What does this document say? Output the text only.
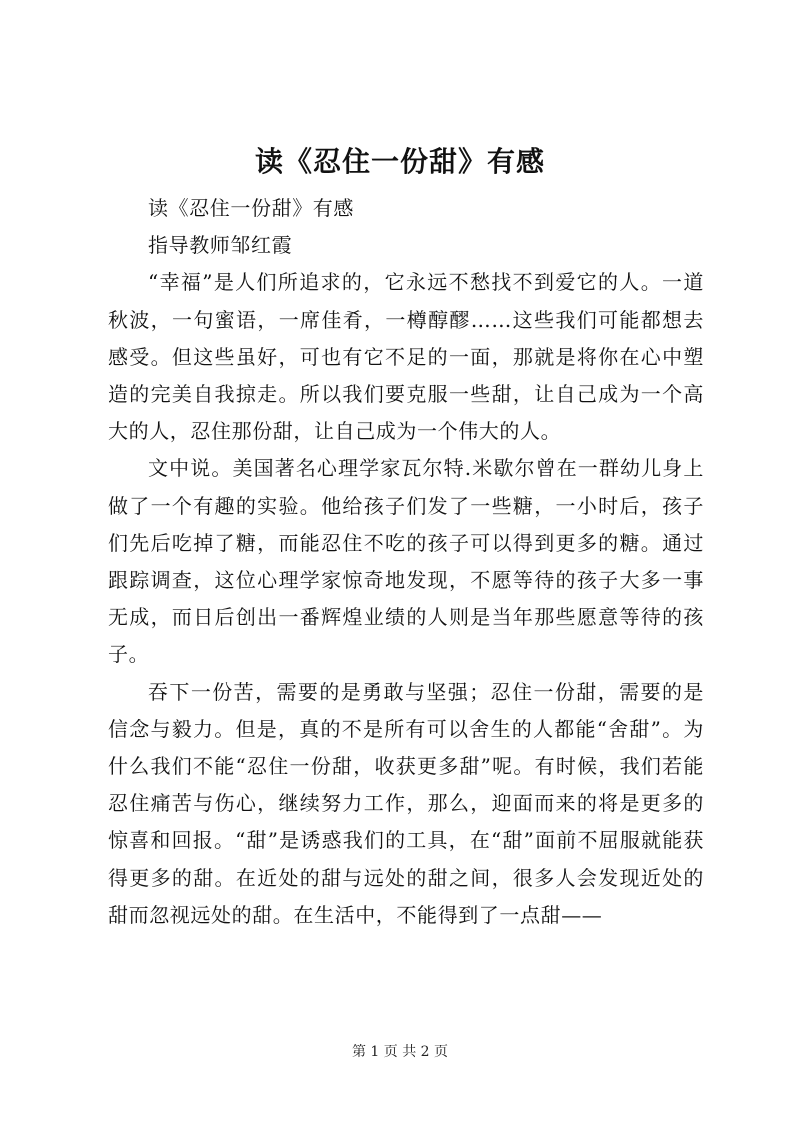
读《忍住一份甜》有感

读《忍住一份甜》有感

指导教师邹红霞

“幸福”是人们所追求的，它永远不愁找不到爱它的人。一道秋波，一句蜜语，一席佳肴，一樽醇醪……这些我们可能都想去感受。但这些虽好，可也有它不足的一面，那就是将你在心中塑造的完美自我掠走。所以我们要克服一些甜，让自己成为一个高大的人，忍住那份甜，让自己成为一个伟大的人。

文中说。美国著名心理学家瓦尔特.米歇尔曾在一群幼儿身上做了一个有趣的实验。他给孩子们发了一些糖，一小时后，孩子们先后吃掉了糖，而能忍住不吃的孩子可以得到更多的糖。通过跟踪调查，这位心理学家惊奇地发现，不愿等待的孩子大多一事无成，而日后创出一番辉煌业绩的人则是当年那些愿意等待的孩子。

吞下一份苦，需要的是勇敢与坚强；忍住一份甜，需要的是信念与毅力。但是，真的不是所有可以舍生的人都能“舍甜”。为什么我们不能“忍住一份甜，收获更多甜”呢。有时候，我们若能忍住痛苦与伤心，继续努力工作，那么，迎面而来的将是更多的惊喜和回报。“甜”是诱惑我们的工具，在“甜”面前不屈服就能获得更多的甜。在近处的甜与远处的甜之间，很多人会发现近处的甜而忽视远处的甜。在生活中，不能得到了一点甜——

第 1 页 共 2 页
